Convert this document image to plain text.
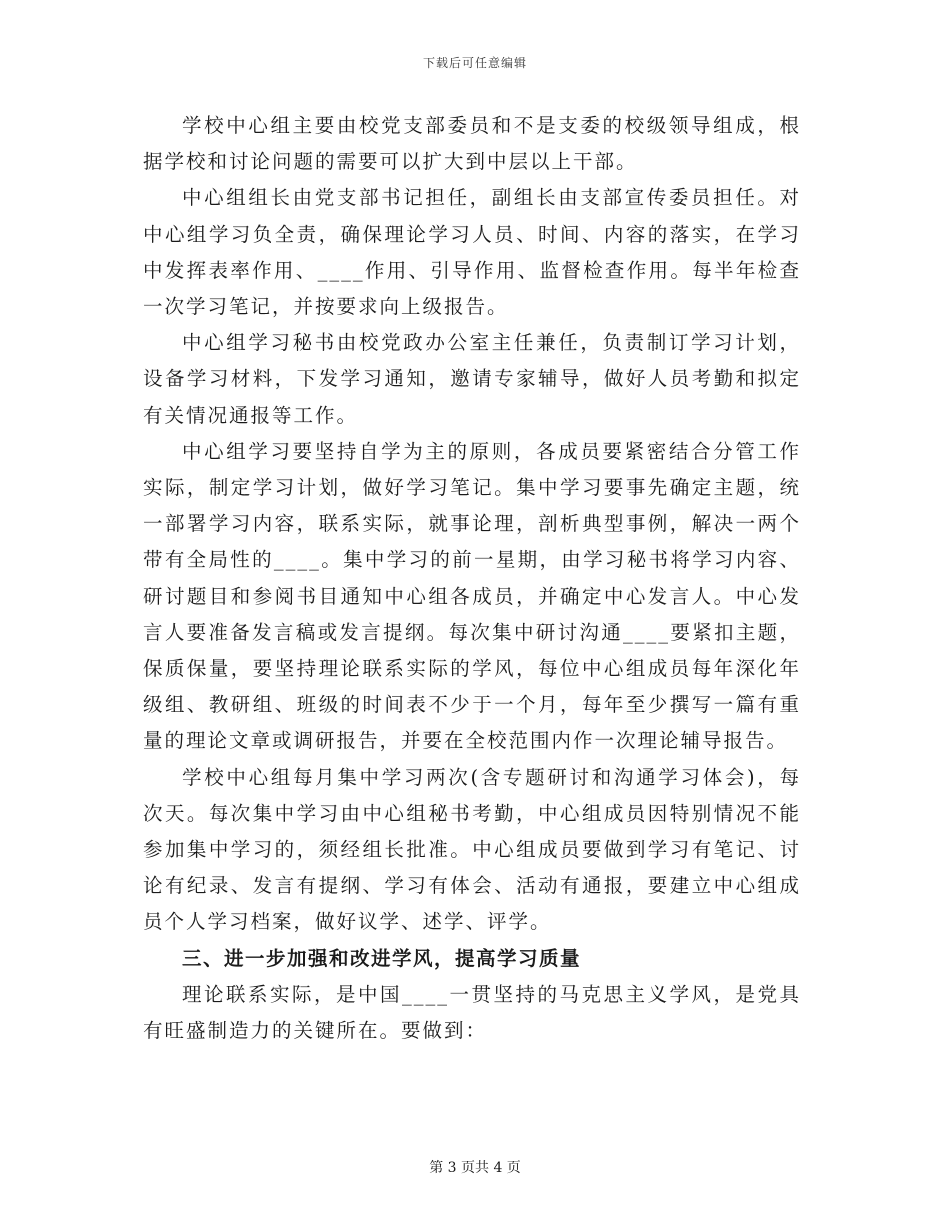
下载后可任意编辑

学校中心组主要由校党支部委员和不是支委的校级领导组成，根据学校和讨论问题的需要可以扩大到中层以上干部。

中心组组长由党支部书记担任，副组长由支部宣传委员担任。对中心组学习负全责，确保理论学习人员、时间、内容的落实，在学习中发挥表率作用、____作用、引导作用、监督检查作用。每半年检查一次学习笔记，并按要求向上级报告。

中心组学习秘书由校党政办公室主任兼任，负责制订学习计划，设备学习材料，下发学习通知，邀请专家辅导，做好人员考勤和拟定有关情况通报等工作。

中心组学习要坚持自学为主的原则，各成员要紧密结合分管工作实际，制定学习计划，做好学习笔记。集中学习要事先确定主题，统一部署学习内容，联系实际，就事论理，剖析典型事例，解决一两个带有全局性的____。集中学习的前一星期，由学习秘书将学习内容、研讨题目和参阅书目通知中心组各成员，并确定中心发言人。中心发言人要准备发言稿或发言提纲。每次集中研讨沟通____要紧扣主题，保质保量，要坚持理论联系实际的学风，每位中心组成员每年深化年级组、教研组、班级的时间表不少于一个月，每年至少撰写一篇有重量的理论文章或调研报告，并要在全校范围内作一次理论辅导报告。

学校中心组每月集中学习两次(含专题研讨和沟通学习体会)，每次天。每次集中学习由中心组秘书考勤，中心组成员因特别情况不能参加集中学习的，须经组长批准。中心组成员要做到学习有笔记、讨论有纪录、发言有提纲、学习有体会、活动有通报，要建立中心组成员个人学习档案，做好议学、述学、评学。

三、进一步加强和改进学风，提高学习质量

理论联系实际，是中国____一贯坚持的马克思主义学风，是党具有旺盛制造力的关键所在。要做到：

第 3 页共 4 页
